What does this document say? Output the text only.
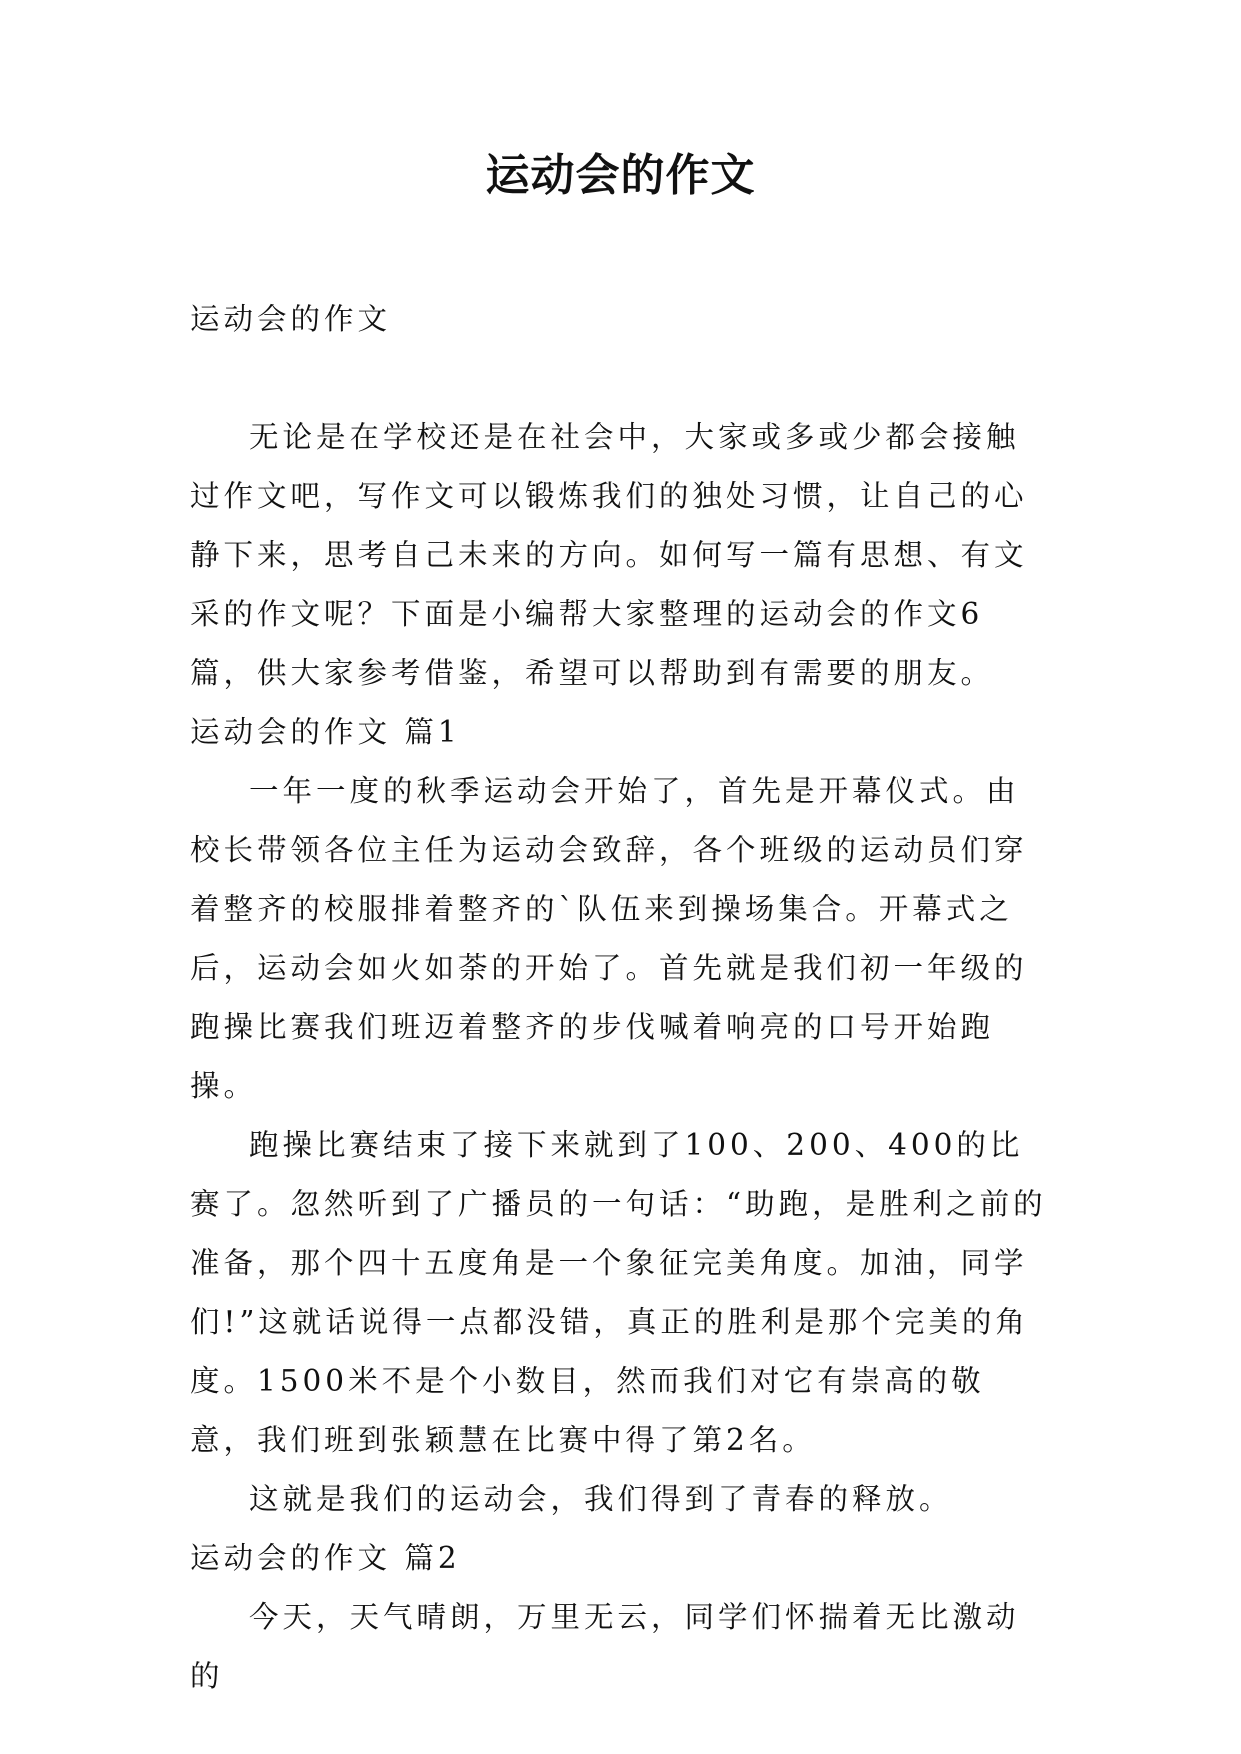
运动会的作文

运动会的作文

无论是在学校还是在社会中，大家或多或少都会接触过作文吧，写作文可以锻炼我们的独处习惯，让自己的心静下来，思考自己未来的方向。如何写一篇有思想、有文采的作文呢？下面是小编帮大家整理的运动会的作文6篇，供大家参考借鉴，希望可以帮助到有需要的朋友。

运动会的作文 篇1

一年一度的秋季运动会开始了，首先是开幕仪式。由校长带领各位主任为运动会致辞，各个班级的运动员们穿着整齐的校服排着整齐的`队伍来到操场集合。开幕式之后，运动会如火如荼的开始了。首先就是我们初一年级的跑操比赛我们班迈着整齐的步伐喊着响亮的口号开始跑操。

跑操比赛结束了接下来就到了100、200、400的比赛了。忽然听到了广播员的一句话：“助跑，是胜利之前的准备，那个四十五度角是一个象征完美角度。加油，同学们!”这就话说得一点都没错，真正的胜利是那个完美的角度。1500米不是个小数目，然而我们对它有崇高的敬意，我们班到张颖慧在比赛中得了第2名。

这就是我们的运动会，我们得到了青春的释放。

运动会的作文 篇2

今天，天气晴朗，万里无云，同学们怀揣着无比激动的
